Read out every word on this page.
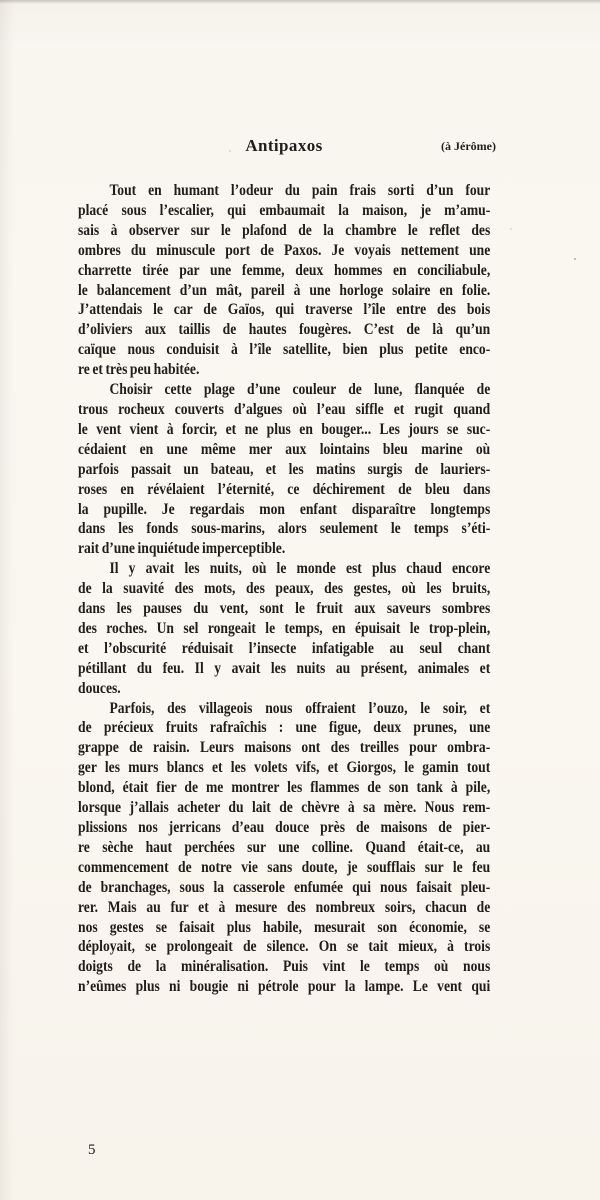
Antipaxos	(à Jérôme)
Tout en humant l’odeur du pain frais sorti d’un four
placé sous l’escalier, qui embaumait la maison, je m’amu-
sais à observer sur le plafond de la chambre le reflet des
ombres du minuscule port de Paxos. Je voyais nettement une
charrette tirée par une femme, deux hommes en conciliabule,
le balancement d’un mât, pareil à une horloge solaire en folie.
J’attendais le car de Gaïos, qui traverse l’île entre des bois
d’oliviers aux taillis de hautes fougères. C’est de là qu’un
caïque nous conduisit à l’île satellite, bien plus petite enco-
re et très peu habitée.
Choisir cette plage d’une couleur de lune, flanquée de
trous rocheux couverts d’algues où l’eau siffle et rugit quand
le vent vient à forcir, et ne plus en bouger... Les jours se suc-
cédaient en une même mer aux lointains bleu marine où
parfois passait un bateau, et les matins surgis de lauriers-
roses en révélaient l’éternité, ce déchirement de bleu dans
la pupille. Je regardais mon enfant disparaître longtemps
dans les fonds sous-marins, alors seulement le temps s’éti-
rait d’une inquiétude imperceptible.
Il y avait les nuits, où le monde est plus chaud encore
de la suavité des mots, des peaux, des gestes, où les bruits,
dans les pauses du vent, sont le fruit aux saveurs sombres
des roches. Un sel rongeait le temps, en épuisait le trop-plein,
et l’obscurité réduisait l’insecte infatigable au seul chant
pétillant du feu. Il y avait les nuits au présent, animales et
douces.
Parfois, des villageois nous offraient l’ouzo, le soir, et
de précieux fruits rafraîchis : une figue, deux prunes, une
grappe de raisin. Leurs maisons ont des treilles pour ombra-
ger les murs blancs et les volets vifs, et Giorgos, le gamin tout
blond, était fier de me montrer les flammes de son tank à pile,
lorsque j’allais acheter du lait de chèvre à sa mère. Nous rem-
plissions nos jerricans d’eau douce près de maisons de pier-
re sèche haut perchées sur une colline. Quand était-ce, au
commencement de notre vie sans doute, je soufflais sur le feu
de branchages, sous la casserole enfumée qui nous faisait pleu-
rer. Mais au fur et à mesure des nombreux soirs, chacun de
nos gestes se faisait plus habile, mesurait son économie, se
déployait, se prolongeait de silence. On se tait mieux, à trois
doigts de la minéralisation. Puis vint le temps où nous
n’eûmes plus ni bougie ni pétrole pour la lampe. Le vent qui
5
